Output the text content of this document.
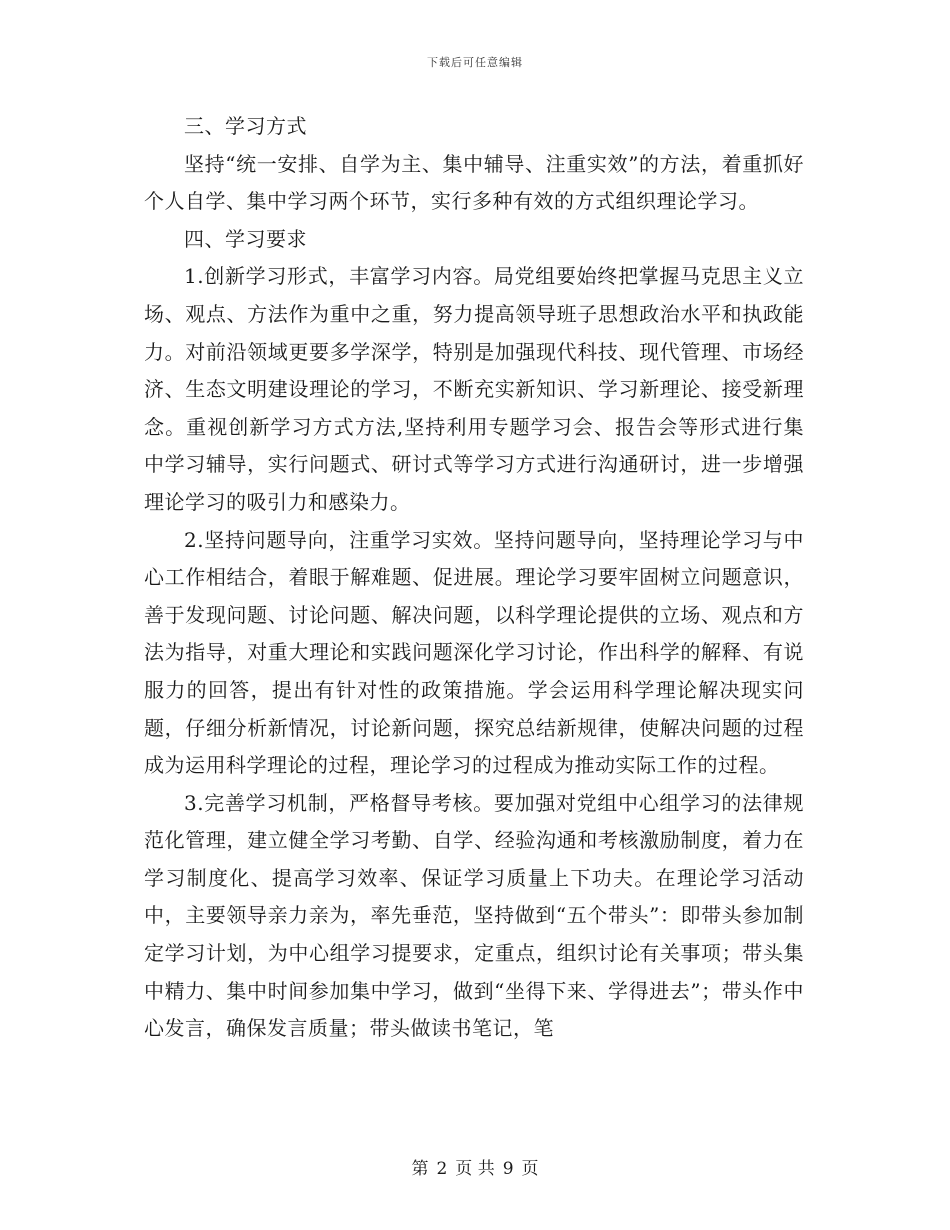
下载后可任意编辑

三、学习方式

坚持“统一安排、自学为主、集中辅导、注重实效”的方法，着重抓好个人自学、集中学习两个环节，实行多种有效的方式组织理论学习。

四、学习要求

1.创新学习形式，丰富学习内容。局党组要始终把掌握马克思主义立场、观点、方法作为重中之重，努力提高领导班子思想政治水平和执政能力。对前沿领域更要多学深学，特别是加强现代科技、现代管理、市场经济、生态文明建设理论的学习，不断充实新知识、学习新理论、接受新理念。重视创新学习方式方法,坚持利用专题学习会、报告会等形式进行集中学习辅导，实行问题式、研讨式等学习方式进行沟通研讨，进一步增强理论学习的吸引力和感染力。

2.坚持问题导向，注重学习实效。坚持问题导向，坚持理论学习与中心工作相结合，着眼于解难题、促进展。理论学习要牢固树立问题意识，善于发现问题、讨论问题、解决问题，以科学理论提供的立场、观点和方法为指导，对重大理论和实践问题深化学习讨论，作出科学的解释、有说服力的回答，提出有针对性的政策措施。学会运用科学理论解决现实问题，仔细分析新情况，讨论新问题，探究总结新规律，使解决问题的过程成为运用科学理论的过程，理论学习的过程成为推动实际工作的过程。

3.完善学习机制，严格督导考核。要加强对党组中心组学习的法律规范化管理，建立健全学习考勤、自学、经验沟通和考核激励制度，着力在学习制度化、提高学习效率、保证学习质量上下功夫。在理论学习活动中，主要领导亲力亲为，率先垂范，坚持做到“五个带头”：即带头参加制定学习计划，为中心组学习提要求，定重点，组织讨论有关事项；带头集中精力、集中时间参加集中学习，做到“坐得下来、学得进去”；带头作中心发言，确保发言质量；带头做读书笔记，笔

第 2 页 共 9 页
